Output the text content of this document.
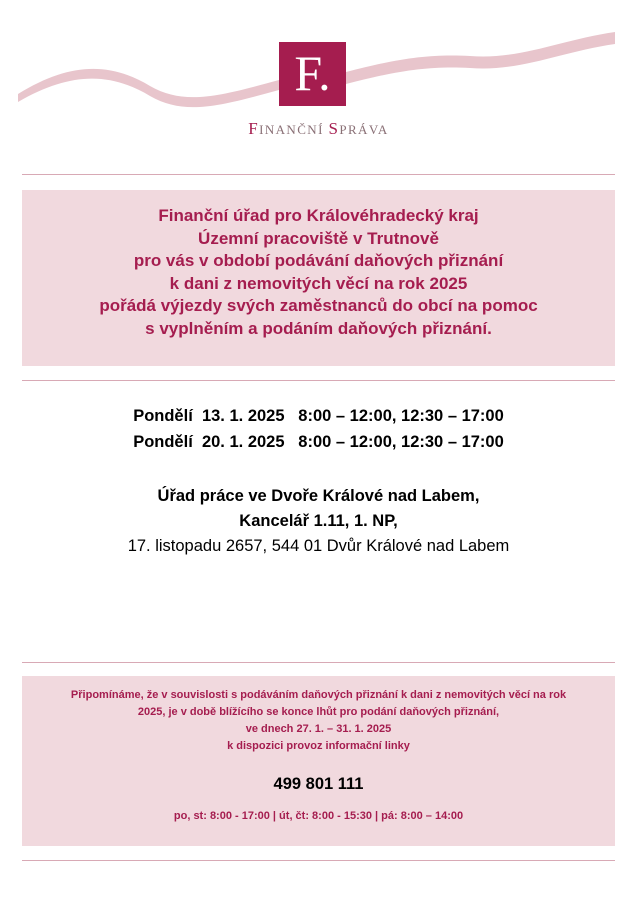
F.
FINANČNÍ SPRÁVA
Finanční úřad pro Královéhradecký kraj
Územní pracoviště v Trutnově
pro vás v období podávání daňových přiznání
k dani z nemovitých věcí na rok 2025
pořádá výjezdy svých zaměstnanců do obcí na pomoc
s vyplněním a podáním daňových přiznání.
Pondělí 13. 1. 2025 8:00 – 12:00, 12:30 – 17:00
Pondělí 20. 1. 2025 8:00 – 12:00, 12:30 – 17:00
Úřad práce ve Dvoře Králové nad Labem,
Kancelář 1.11, 1. NP,
17. listopadu 2657, 544 01 Dvůr Králové nad Labem
Připomínáme, že v souvislosti s podáváním daňových přiznání k dani z nemovitých věcí na rok
2025, je v době blížícího se konce lhůt pro podání daňových přiznání,
ve dnech 27. 1. – 31. 1. 2025
k dispozici provoz informační linky
499 801 111
po, st: 8:00 - 17:00 | út, čt: 8:00 - 15:30 | pá: 8:00 – 14:00
